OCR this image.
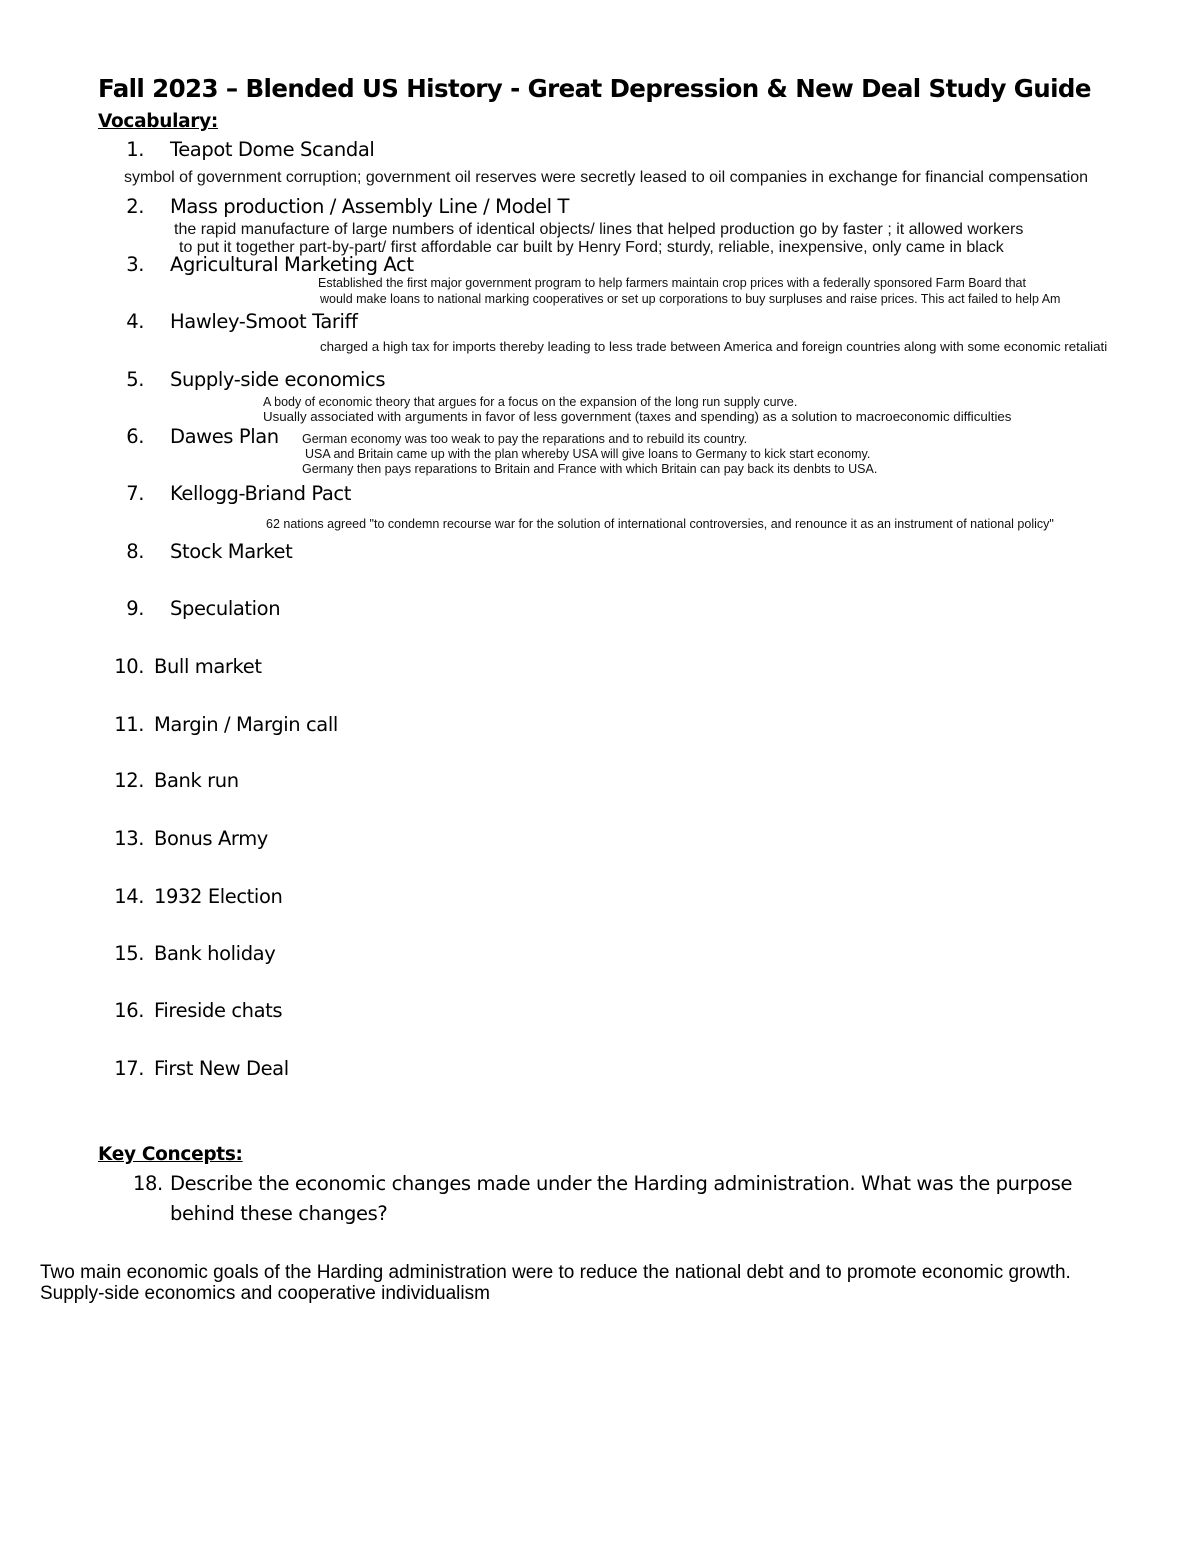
Fall 2023 – Blended US History - Great Depression & New Deal Study Guide
Vocabulary:
1. Teapot Dome Scandal
symbol of government corruption; government oil reserves were secretly leased to oil companies in exchange for financial compensation
2. Mass production / Assembly Line / Model T
the rapid manufacture of large numbers of identical objects/ lines that helped production go by faster ; it allowed workers
to put it together part-by-part/ first affordable car built by Henry Ford; sturdy, reliable, inexpensive, only came in black
3. Agricultural Marketing Act
Established the first major government program to help farmers maintain crop prices with a federally sponsored Farm Board that
would make loans to national marking cooperatives or set up corporations to buy surpluses and raise prices. This act failed to help Am
4. Hawley-Smoot Tariff
charged a high tax for imports thereby leading to less trade between America and foreign countries along with some economic retaliati
5. Supply-side economics
A body of economic theory that argues for a focus on the expansion of the long run supply curve.
Usually associated with arguments in favor of less government (taxes and spending) as a solution to macroeconomic difficulties
6. Dawes Plan German economy was too weak to pay the reparations and to rebuild its country.
USA and Britain came up with the plan whereby USA will give loans to Germany to kick start economy.
Germany then pays reparations to Britain and France with which Britain can pay back its denbts to USA.
7. Kellogg-Briand Pact
62 nations agreed "to condemn recourse war for the solution of international controversies, and renounce it as an instrument of national policy"
8. Stock Market
9. Speculation
10. Bull market
11. Margin / Margin call
12. Bank run
13. Bonus Army
14. 1932 Election
15. Bank holiday
16. Fireside chats
17. First New Deal
Key Concepts:
18. Describe the economic changes made under the Harding administration. What was the purpose
behind these changes?
Two main economic goals of the Harding administration were to reduce the national debt and to promote economic growth.
Supply-side economics and cooperative individualism
